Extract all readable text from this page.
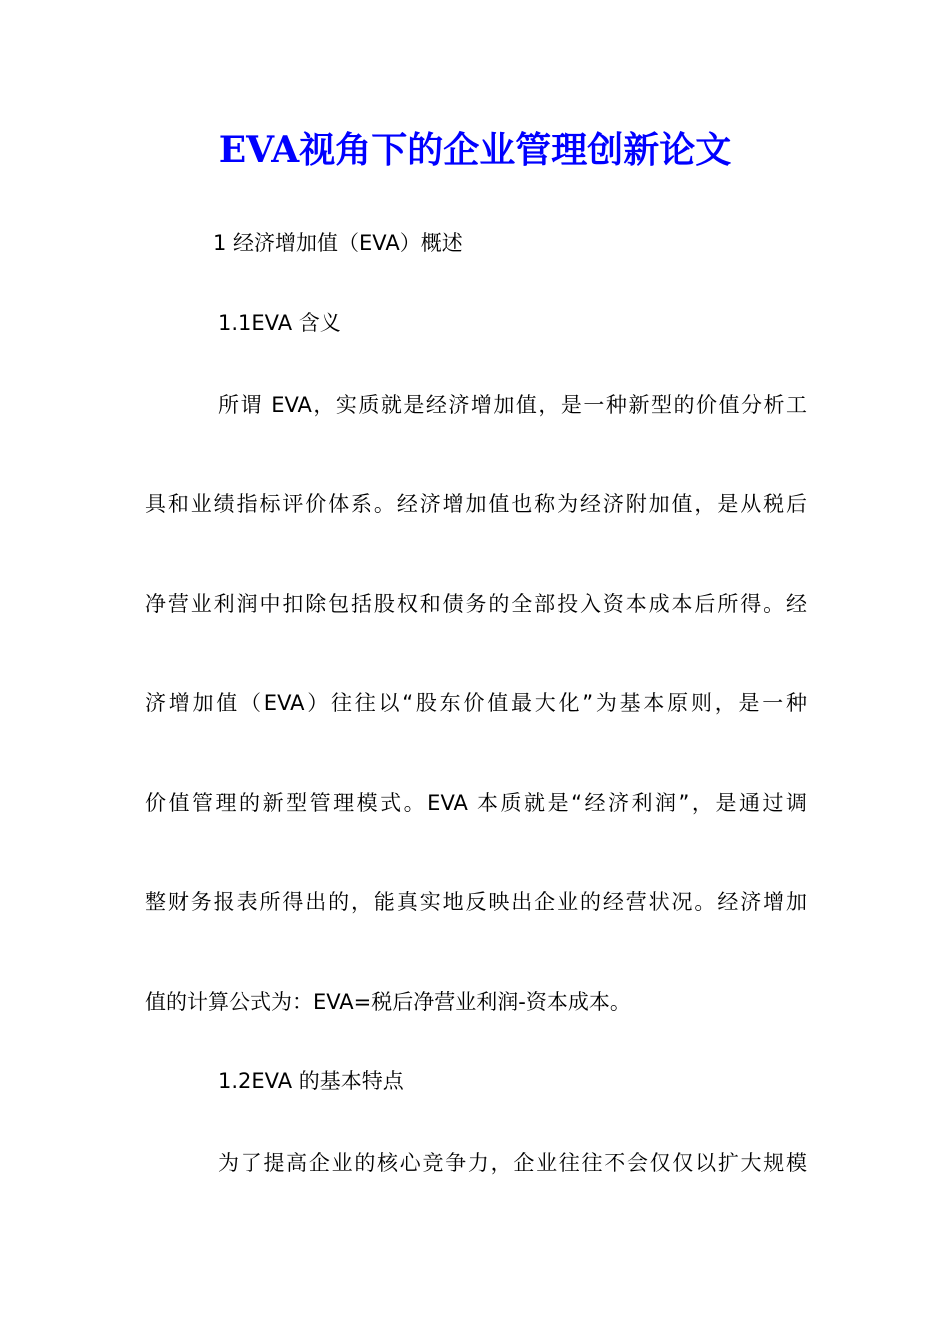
EVA视角下的企业管理创新论文
1 经济增加值（EVA）概述
1.1EVA 含义
所谓 EVA，实质就是经济增加值，是一种新型的价值分析工
具和业绩指标评价体系。经济增加值也称为经济附加值，是从税后
净营业利润中扣除包括股权和债务的全部投入资本成本后所得。经
济增加值（EVA）往往以“股东价值最大化”为基本原则，是一种
价值管理的新型管理模式。EVA 本质就是“经济利润”，是通过调
整财务报表所得出的，能真实地反映出企业的经营状况。经济增加
值的计算公式为：EVA=税后净营业利润-资本成本。
1.2EVA 的基本特点
为了提高企业的核心竞争力，企业往往不会仅仅以扩大规模
